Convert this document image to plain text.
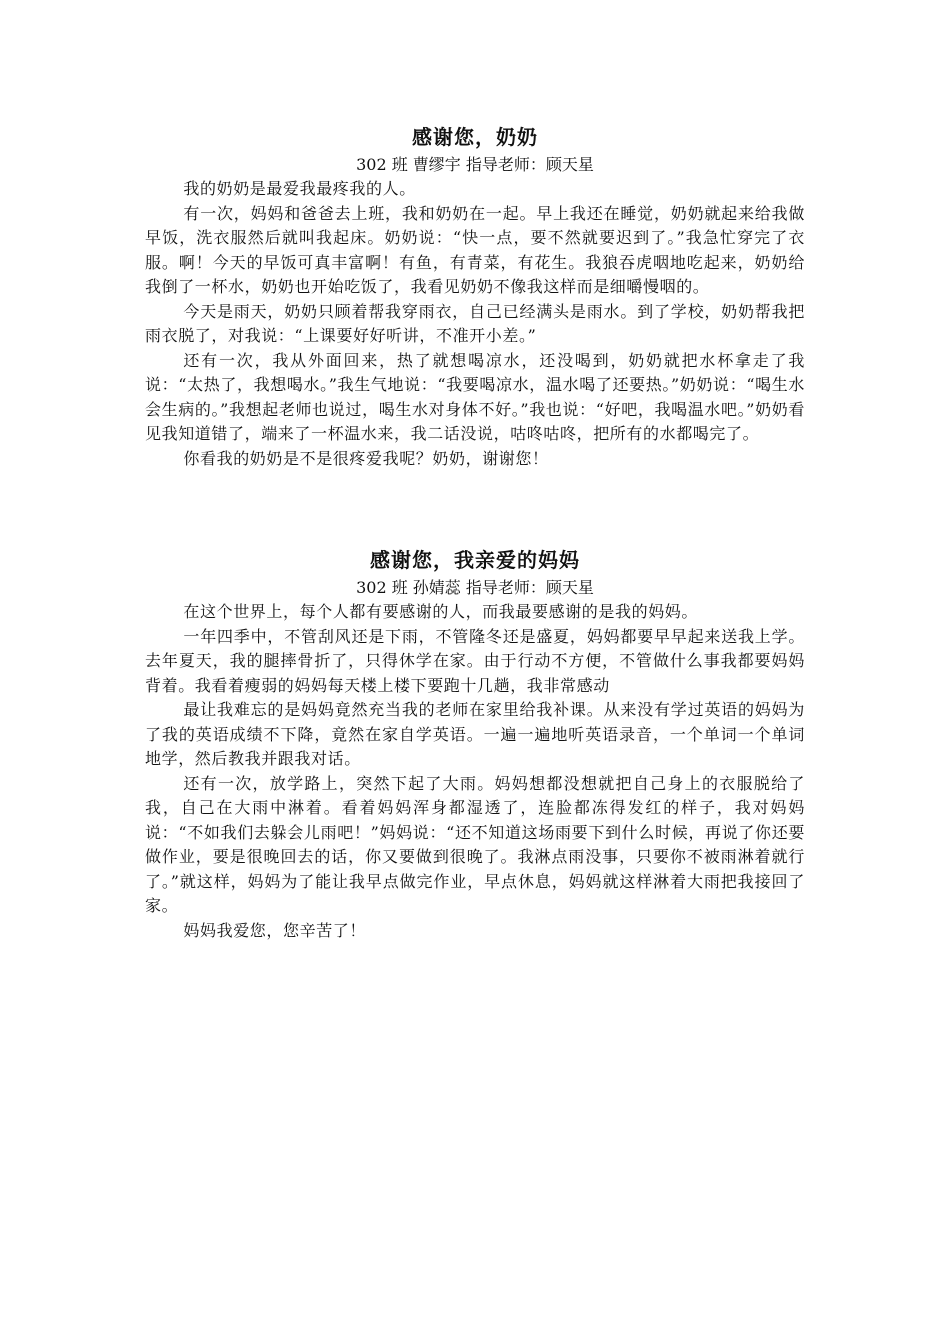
感谢您，奶奶

302 班 曹缪宇 指导老师：顾天星

我的奶奶是最爱我最疼我的人。

有一次，妈妈和爸爸去上班，我和奶奶在一起。早上我还在睡觉，奶奶就起来给我做早饭，洗衣服然后就叫我起床。奶奶说：“快一点，要不然就要迟到了。”我急忙穿完了衣服。啊！今天的早饭可真丰富啊！有鱼，有青菜，有花生。我狼吞虎咽地吃起来，奶奶给我倒了一杯水，奶奶也开始吃饭了，我看见奶奶不像我这样而是细嚼慢咽的。

今天是雨天，奶奶只顾着帮我穿雨衣，自己已经满头是雨水。到了学校，奶奶帮我把雨衣脱了，对我说：“上课要好好听讲，不准开小差。”

还有一次，我从外面回来，热了就想喝凉水，还没喝到，奶奶就把水杯拿走了我说：“太热了，我想喝水。”我生气地说：“我要喝凉水，温水喝了还要热。”奶奶说：“喝生水会生病的。”我想起老师也说过，喝生水对身体不好。”我也说：“好吧，我喝温水吧。”奶奶看见我知道错了，端来了一杯温水来，我二话没说，咕咚咕咚，把所有的水都喝完了。

你看我的奶奶是不是很疼爱我呢？奶奶，谢谢您！

感谢您，我亲爱的妈妈

302 班 孙婧蕊 指导老师：顾天星

在这个世界上，每个人都有要感谢的人，而我最要感谢的是我的妈妈。

一年四季中，不管刮风还是下雨，不管隆冬还是盛夏，妈妈都要早早起来送我上学。去年夏天，我的腿摔骨折了，只得休学在家。由于行动不方便，不管做什么事我都要妈妈背着。我看着瘦弱的妈妈每天楼上楼下要跑十几趟，我非常感动

最让我难忘的是妈妈竟然充当我的老师在家里给我补课。从来没有学过英语的妈妈为了我的英语成绩不下降，竟然在家自学英语。一遍一遍地听英语录音，一个单词一个单词地学，然后教我并跟我对话。

还有一次，放学路上，突然下起了大雨。妈妈想都没想就把自己身上的衣服脱给了我，自己在大雨中淋着。看着妈妈浑身都湿透了，连脸都冻得发红的样子，我对妈妈说：“不如我们去躲会儿雨吧！”妈妈说：“还不知道这场雨要下到什么时候，再说了你还要做作业，要是很晚回去的话，你又要做到很晚了。我淋点雨没事，只要你不被雨淋着就行了。”就这样，妈妈为了能让我早点做完作业，早点休息，妈妈就这样淋着大雨把我接回了家。

妈妈我爱您，您辛苦了！
